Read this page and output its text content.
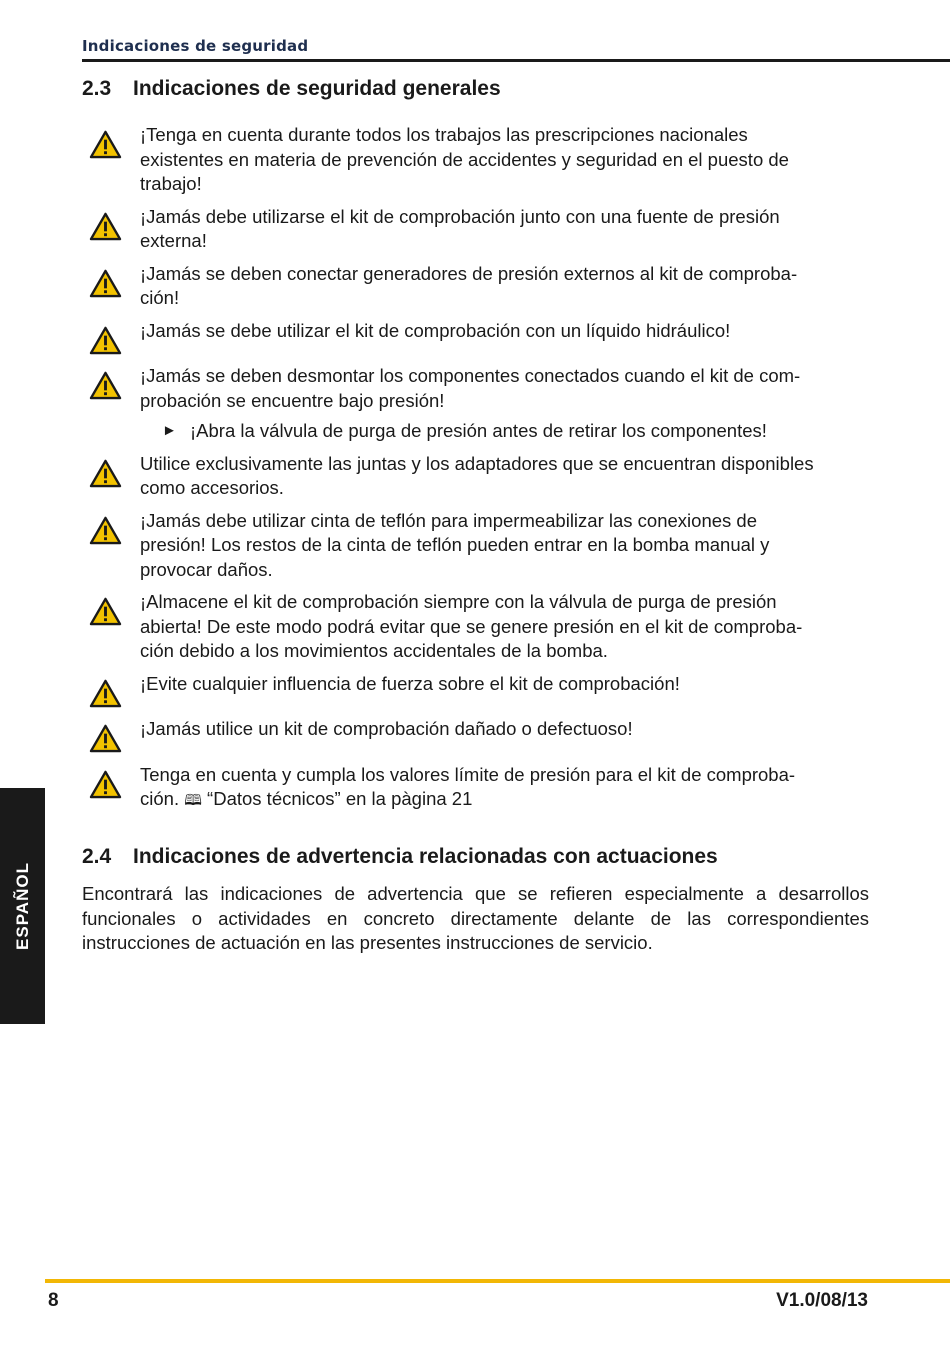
Indicaciones de seguridad
2.3 Indicaciones de seguridad generales
¡Tenga en cuenta durante todos los trabajos las prescripciones nacionales
existentes en materia de prevención de accidentes y seguridad en el puesto de
trabajo!
¡Jamás debe utilizarse el kit de comprobación junto con una fuente de presión
externa!
¡Jamás se deben conectar generadores de presión externos al kit de comproba-
ción!
¡Jamás se debe utilizar el kit de comprobación con un líquido hidráulico!
¡Jamás se deben desmontar los componentes conectados cuando el kit de com-
probación se encuentre bajo presión!
► ¡Abra la válvula de purga de presión antes de retirar los componentes!
Utilice exclusivamente las juntas y los adaptadores que se encuentran disponibles
como accesorios.
¡Jamás debe utilizar cinta de teflón para impermeabilizar las conexiones de
presión! Los restos de la cinta de teflón pueden entrar en la bomba manual y
provocar daños.
¡Almacene el kit de comprobación siempre con la válvula de purga de presión
abierta! De este modo podrá evitar que se genere presión en el kit de comproba-
ción debido a los movimientos accidentales de la bomba.
¡Evite cualquier influencia de fuerza sobre el kit de comprobación!
¡Jamás utilice un kit de comprobación dañado o defectuoso!
Tenga en cuenta y cumpla los valores límite de presión para el kit de comproba-
ción. 🕮 “Datos técnicos” en la pàgina 21
2.4 Indicaciones de advertencia relacionadas con actuaciones

Encontrará las indicaciones de advertencia que se refieren especialmente a desarrollos funcionales o actividades en concreto directamente delante de las correspondientes instrucciones de actuación en las presentes instrucciones de servicio.

ESPAÑOL
8	V1.0/08/13
